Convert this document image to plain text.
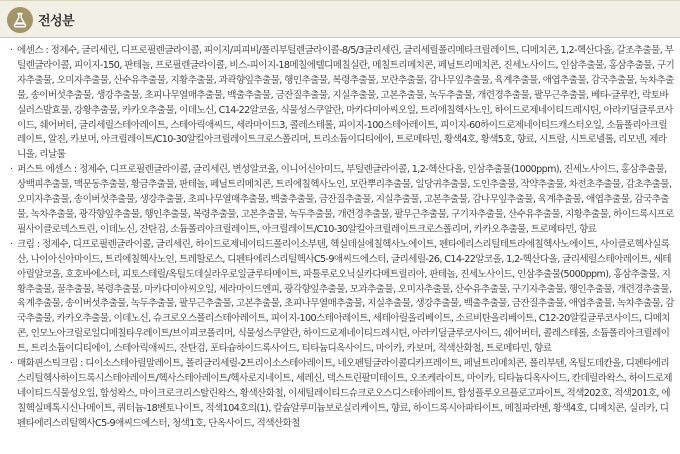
전성분

· 에센스 : 정제수, 글리세린, 디프로필렌글라이콜, 피이지/피피비/폴리부틸렌글라이콜-8/5/3글리세린, 글리세릴폴리메타크릴레이트, 디메치콘, 1,2-헥산다올, 갈조추출물, 부틸렌글라이콜, 피이지-150, 판테놀, 프로필렌글라이콜, 비스-피이지-18메칠에텔디메칠실란, 메칠트리메치콘, 페닐트리메치콘, 진세노사이드, 인삼추출물, 홍삼추출물, 구기자추출물, 오미자추출물, 산수유추출물, 지황추출물, 과곽향잎추출물, 행인추출물, 복령추출물, 모란추출물, 감나무잎추출물, 육계추출물, 애엽추출물, 감국추출물, 녹차추출물, 송이버섯추출물, 생강추출물, 초피나무열매추출물, 백출추출물, 금잔질추출물, 지실추출물, 고본추출물, 녹두추출물, 개련경추출물, 팔무근추출물, 베타-글루칸, 락토바실러스발효물, 강황추출물, 카카오추출물, 이데노신, C14-22알코올, 식물성스쿠알란, 마카다미아씨오일, 트리에칠헥사노인, 하이드로제네이티드레시틴, 아라키딜글루코사이드, 쉐어버터, 글리세릴스테아레이트, 스테아릭애씨드, 세라마이드3, 콜레스테롤, 피이지-100스테아레이트, 피이지-60하이드로제네이티드캐스터오일, 소듐폴리아크릴레이트, 알진, 카보머, 아크릴레이트/C10-30알킬아크릴레이트크로스폴리머, 트리소듐이디티에이, 트로메타민, 황색4호, 황색5호, 향료, 시트랄, 시트로넬롤, 리모넨, 제라니올, 리날룰

· 퍼스트 에센스 : 정제수, 디프로필렌글라이콜, 글리세린, 변성알코올, 이니어신아미드, 부틸렌글라이콜, 1,2-헥산다올, 인삼추출물(1000ppm), 진세노사이드, 홍삼추출물, 상백피추출물, 맥문동추출물, 황금추출물, 판테놀, 페닐트리메치콘, 트리에칠헥사노인, 모란뿌리추출물, 일당귀추출물, 도인추출물, 작약추출물, 차전초추출물, 감초추출물, 오미자추출물, 송이버섯추출물, 생강추출물, 초피나무열매추출물, 백출추출물, 금잔질추출물, 지실추출물, 고본추출물, 감나무잎추출물, 육계추출물, 애엽추출물, 감국추출물, 녹차추출물, 광각향잎추출물, 행인추출물, 복령추출물, 고본추출물, 녹두추출물, 개련경추출물, 팔무근추출물, 구기자추출물, 산수유추출물, 지황추출물, 하이드록시프로필사이클로덱스트린, 이데노신, 잔탄검, 소듐폴리아크릴레이트, 아크릴레이트/C10-30알킬아크릴레이트크로스폴리머, 카카오추출물, 트로메타민, 향료

· 크림 : 정제수, 디프로필렌글라이콜, 글리세린, 하이드로제네이티드폴리이소부텐, 헥실데실에칠헥사노에이트, 펜타에리스리틸테트라에칠헥사노에이트, 사이클로헥사실록산, 나이아신아마이드, 트리에칠헥사노인, 트레할로스, 디펜타에리스리틸헥사C5-9애씨드에스터, 글리세릴-26, C14-22알코올, 1,2-헥산다올, 글리세릴스테아레이트, 세테아릴알코올, 호호바에스터, 피토스테릴/옥틸도데실라우로일글루타메이트, 파틀루로오닉실카다메트릴리아, 판테놀, 진세노사이드, 인삼추출물(5000ppm), 홍삼추출물, 지황추출물, 꿀추출물, 복령추출물, 마카다미아씨오일, 세라마이드엔피, 광각향잎추출물, 모과추출물, 오미자추출물, 산수유추출물, 구기자추출물, 행인추출물, 개련경추출물, 육계추출물, 송이버섯추출물, 녹두추출물, 팔무근추출물, 고본추출물, 초피나무열매추출물, 지실추출물, 생강추출물, 백출추출물, 금잔질추출물, 애엽추출물, 녹차추출물, 감국추출물, 카카오추출물, 이데노신, 슈크로오스폴리스테아레이트, 피이지-100스테아레이트, 세테아릴올리베이트, 소르비탄올리베이트, C12-20알킬글루코사이드, 디메치콘, 인모노아크릴로일디메칠타우레이트/브이피코폴리머, 식물성스쿠알란, 하이드로제네이티드레시틴, 아라키딜글루코사이드, 쉐어버터, 콜레스테롤, 소듐폴리아크릴레이트, 트리소듐이디티에이, 스테아릭애씨드, 잔탄검, 포타슘하이드록사이드, 티타늄디옥사이드, 마이카, 카보머, 적색산화철, 트로메타민, 향료

· 매화핀스틱크림 : 디이소스테아릴말레이트, 폴리글리세릴-2트리이소스테아레이트, 네오펜틸글라이콜디카프레이트, 페닐트리메치콘, 폴리부텐, 옥틸도데칸올, 디펜타에리스리틸헥사하이드록시스테아레이트/헥사스테아레이트/헥사로지네이트, 세레신, 덱스트린팔미테이트, 오조케라이트, 마이카, 티타늄디옥사이드, 칸데릴라왁스, 하이드로제네이티드식물성오일, 합성왁스, 마이크로크리스탈린왁스, 황색산화철, 이세틸레이티드슈크로오스디스테아레이트, 합성플루오르플로고파이트, 적색202호, 적색201호, 에칠헥실메톡시신나메이트, 쿼터늄-18벤토나이트, 적색104호의(1), 칼슘알루미늄보로실리케이트, 향료, 하이드록시아파타이트, 메칠파라벤, 황색4호, 디메치콘, 실리카, 디펜타에리스리틸헥사C5-9애씨드에스터, 청색1호, 단옥사이드, 적색산화철
